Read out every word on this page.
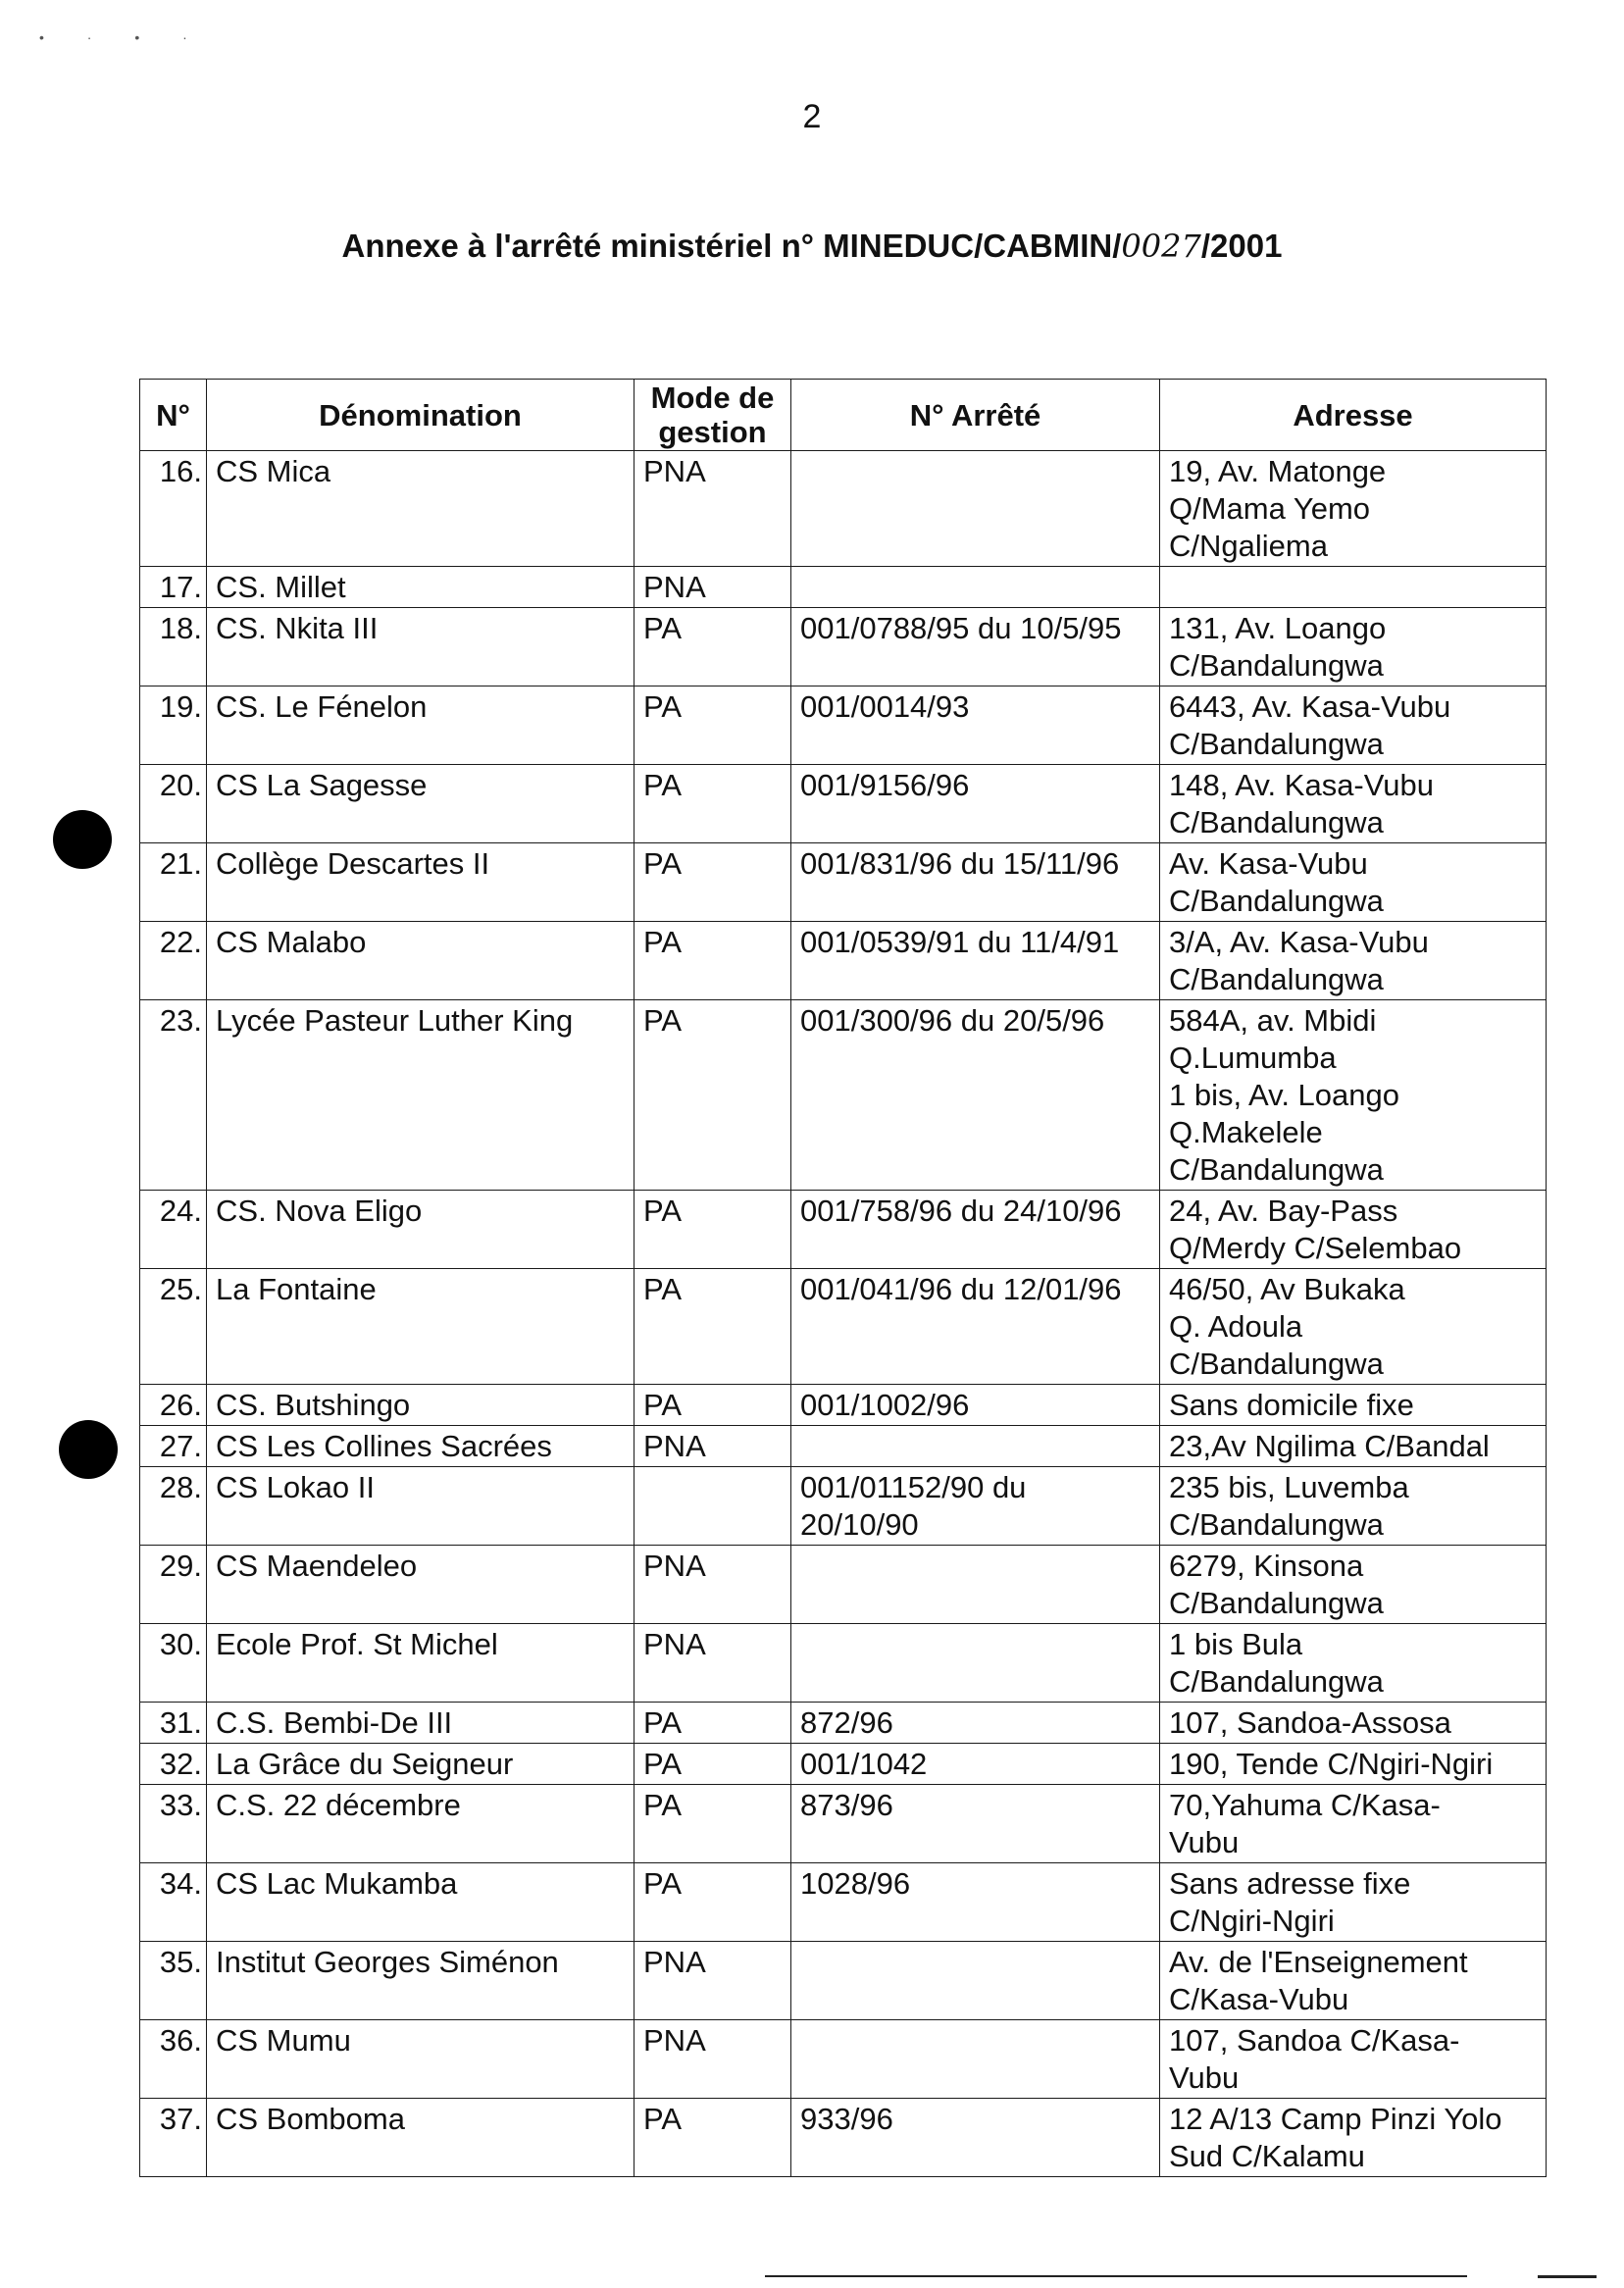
• · • ·
2
Annexe à l'arrêté ministériel n° MINEDUC/CABMIN/0027/2001
N°	Dénomination	Mode de gestion	N° Arrêté	Adresse
16.	CS Mica	PNA		19, Av. Matonge
Q/Mama Yemo
C/Ngaliema

17.	CS. Millet	PNA		

18.	CS. Nkita III	PA	001/0788/95 du 10/5/95	131, Av. Loango
C/Bandalungwa

19.	CS. Le Fénelon	PA	001/0014/93	6443, Av. Kasa-Vubu
C/Bandalungwa

20.	CS La Sagesse	PA	001/9156/96	148, Av. Kasa-Vubu
C/Bandalungwa

21.	Collège Descartes II	PA	001/831/96 du 15/11/96	Av. Kasa-Vubu
C/Bandalungwa

22.	CS Malabo	PA	001/0539/91 du 11/4/91	3/A, Av. Kasa-Vubu
C/Bandalungwa

23.	Lycée Pasteur Luther King	PA	001/300/96 du 20/5/96	584A, av. Mbidi
Q.Lumumba
1 bis, Av. Loango
Q.Makelele
C/Bandalungwa

24.	CS. Nova Eligo	PA	001/758/96 du 24/10/96	24, Av. Bay-Pass
Q/Merdy C/Selembao

25.	La Fontaine	PA	001/041/96 du 12/01/96	46/50, Av Bukaka
Q. Adoula
C/Bandalungwa

26.	CS. Butshingo	PA	001/1002/96	Sans domicile fixe

27.	CS Les Collines Sacrées	PNA		23,Av Ngilima C/Bandal

28.	CS Lokao II		001/01152/90 du 20/10/90	235 bis, Luvemba
C/Bandalungwa

29.	CS Maendeleo	PNA		6279, Kinsona
C/Bandalungwa

30.	Ecole Prof. St Michel	PNA		1 bis Bula
C/Bandalungwa

31.	C.S. Bembi-De III	PA	872/96	107, Sandoa-Assosa

32.	La Grâce du Seigneur	PA	001/1042	190, Tende C/Ngiri-Ngiri

33.	C.S. 22 décembre	PA	873/96	70,Yahuma C/Kasa-
Vubu

34.	CS Lac Mukamba	PA	1028/96	Sans adresse fixe
C/Ngiri-Ngiri

35.	Institut Georges Siménon	PNA		Av. de l'Enseignement
C/Kasa-Vubu

36.	CS Mumu	PNA		107, Sandoa C/Kasa-
Vubu

37.	CS Bomboma	PA	933/96	12 A/13 Camp Pinzi Yolo
Sud C/Kalamu
